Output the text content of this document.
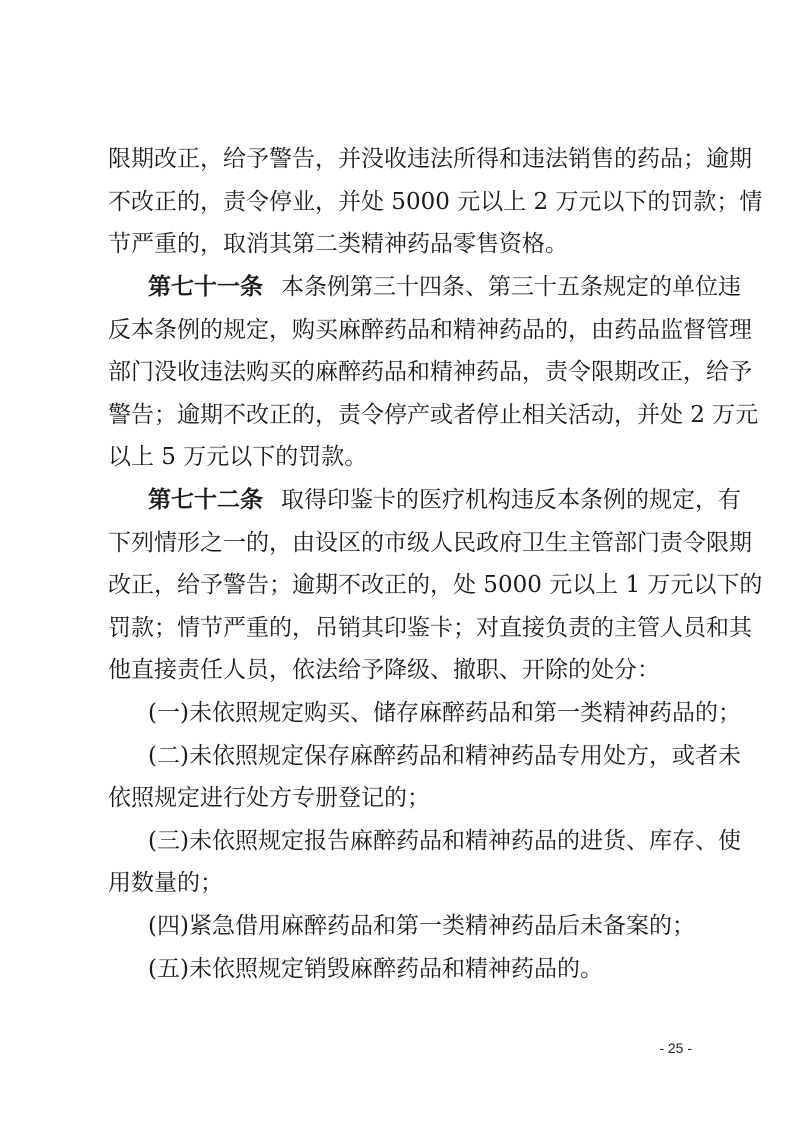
限期改正，给予警告，并没收违法所得和违法销售的药品；逾期
不改正的，责令停业，并处 5000 元以上 2 万元以下的罚款；情
节严重的，取消其第二类精神药品零售资格。
第七十一条 本条例第三十四条、第三十五条规定的单位违
反本条例的规定，购买麻醉药品和精神药品的，由药品监督管理
部门没收违法购买的麻醉药品和精神药品，责令限期改正，给予
警告；逾期不改正的，责令停产或者停止相关活动，并处 2 万元
以上 5 万元以下的罚款。
第七十二条 取得印鉴卡的医疗机构违反本条例的规定，有
下列情形之一的，由设区的市级人民政府卫生主管部门责令限期
改正，给予警告；逾期不改正的，处 5000 元以上 1 万元以下的
罚款；情节严重的，吊销其印鉴卡；对直接负责的主管人员和其
他直接责任人员，依法给予降级、撤职、开除的处分：
(一)未依照规定购买、储存麻醉药品和第一类精神药品的；
(二)未依照规定保存麻醉药品和精神药品专用处方，或者未
依照规定进行处方专册登记的；
(三)未依照规定报告麻醉药品和精神药品的进货、库存、使
用数量的；
(四)紧急借用麻醉药品和第一类精神药品后未备案的；
(五)未依照规定销毁麻醉药品和精神药品的。
- 25 -
